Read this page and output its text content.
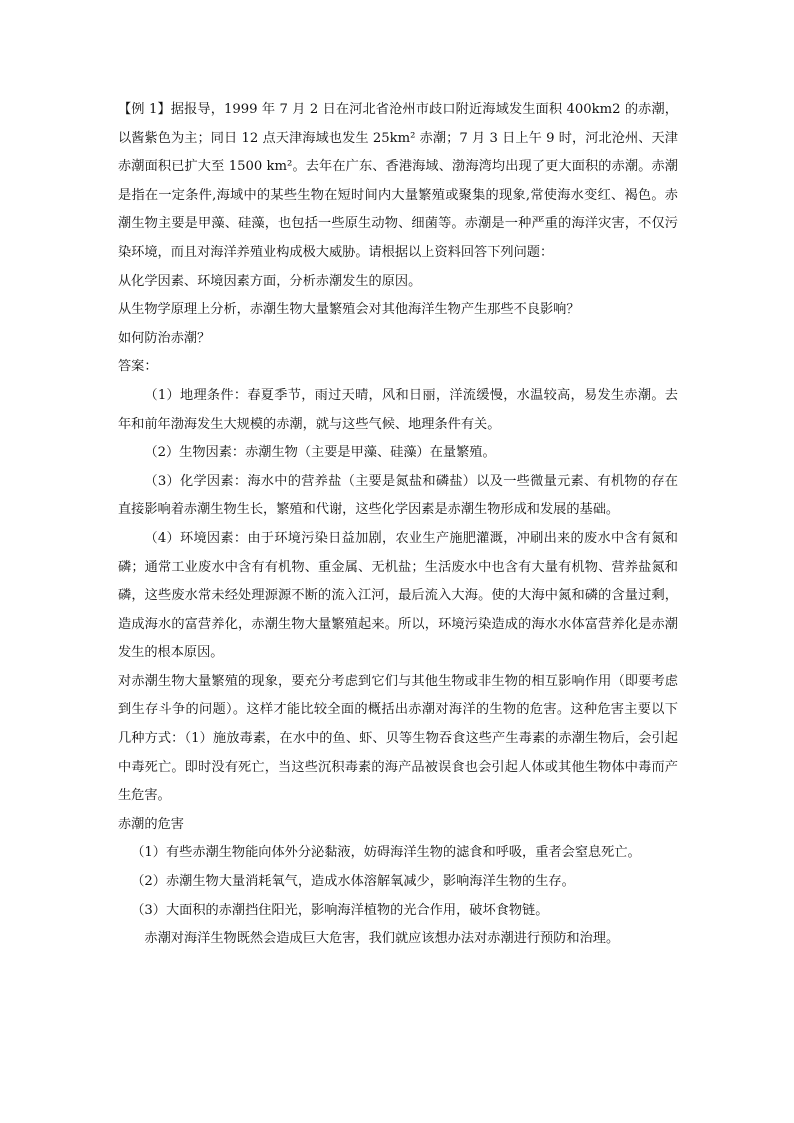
【例 1】据报导，1999 年 7 月 2 日在河北省沧州市歧口附近海域发生面积 400km2 的赤潮，以酱紫色为主；同日 12 点天津海域也发生 25km² 赤潮；7 月 3 日上午 9 时，河北沧州、天津赤潮面积已扩大至 1500 km²。去年在广东、香港海域、渤海湾均出现了更大面积的赤潮。赤潮是指在一定条件,海域中的某些生物在短时间内大量繁殖或聚集的现象,常使海水变红、褐色。赤潮生物主要是甲藻、硅藻，也包括一些原生动物、细菌等。赤潮是一种严重的海洋灾害，不仅污染环境，而且对海洋养殖业构成极大威胁。请根据以上资料回答下列问题：

从化学因素、环境因素方面，分析赤潮发生的原因。

从生物学原理上分析，赤潮生物大量繁殖会对其他海洋生物产生那些不良影响？

如何防治赤潮？

答案：

（1）地理条件：春夏季节，雨过天晴，风和日丽，洋流缓慢，水温较高，易发生赤潮。去年和前年渤海发生大规模的赤潮，就与这些气候、地理条件有关。

（2）生物因素：赤潮生物（主要是甲藻、硅藻）在量繁殖。

（3）化学因素：海水中的营养盐（主要是氮盐和磷盐）以及一些微量元素、有机物的存在直接影响着赤潮生物生长，繁殖和代谢，这些化学因素是赤潮生物形成和发展的基础。

（4）环境因素：由于环境污染日益加剧，农业生产施肥灌溉，冲刷出来的废水中含有氮和磷；通常工业废水中含有有机物、重金属、无机盐；生活废水中也含有大量有机物、营养盐氮和磷，这些废水常未经处理源源不断的流入江河，最后流入大海。使的大海中氮和磷的含量过剩，造成海水的富营养化，赤潮生物大量繁殖起来。所以，环境污染造成的海水水体富营养化是赤潮发生的根本原因。

对赤潮生物大量繁殖的现象，要充分考虑到它们与其他生物或非生物的相互影响作用（即要考虑到生存斗争的问题）。这样才能比较全面的概括出赤潮对海洋的生物的危害。这种危害主要以下几种方式：（1）施放毒素，在水中的鱼、虾、贝等生物吞食这些产生毒素的赤潮生物后，会引起中毒死亡。即时没有死亡，当这些沉积毒素的海产品被误食也会引起人体或其他生物体中毒而产生危害。

赤潮的危害

（1）有些赤潮生物能向体外分泌黏液，妨碍海洋生物的滤食和呼吸，重者会窒息死亡。

（2）赤潮生物大量消耗氧气，造成水体溶解氧减少，影响海洋生物的生存。

（3）大面积的赤潮挡住阳光，影响海洋植物的光合作用，破坏食物链。

赤潮对海洋生物既然会造成巨大危害，我们就应该想办法对赤潮进行预防和治理。
